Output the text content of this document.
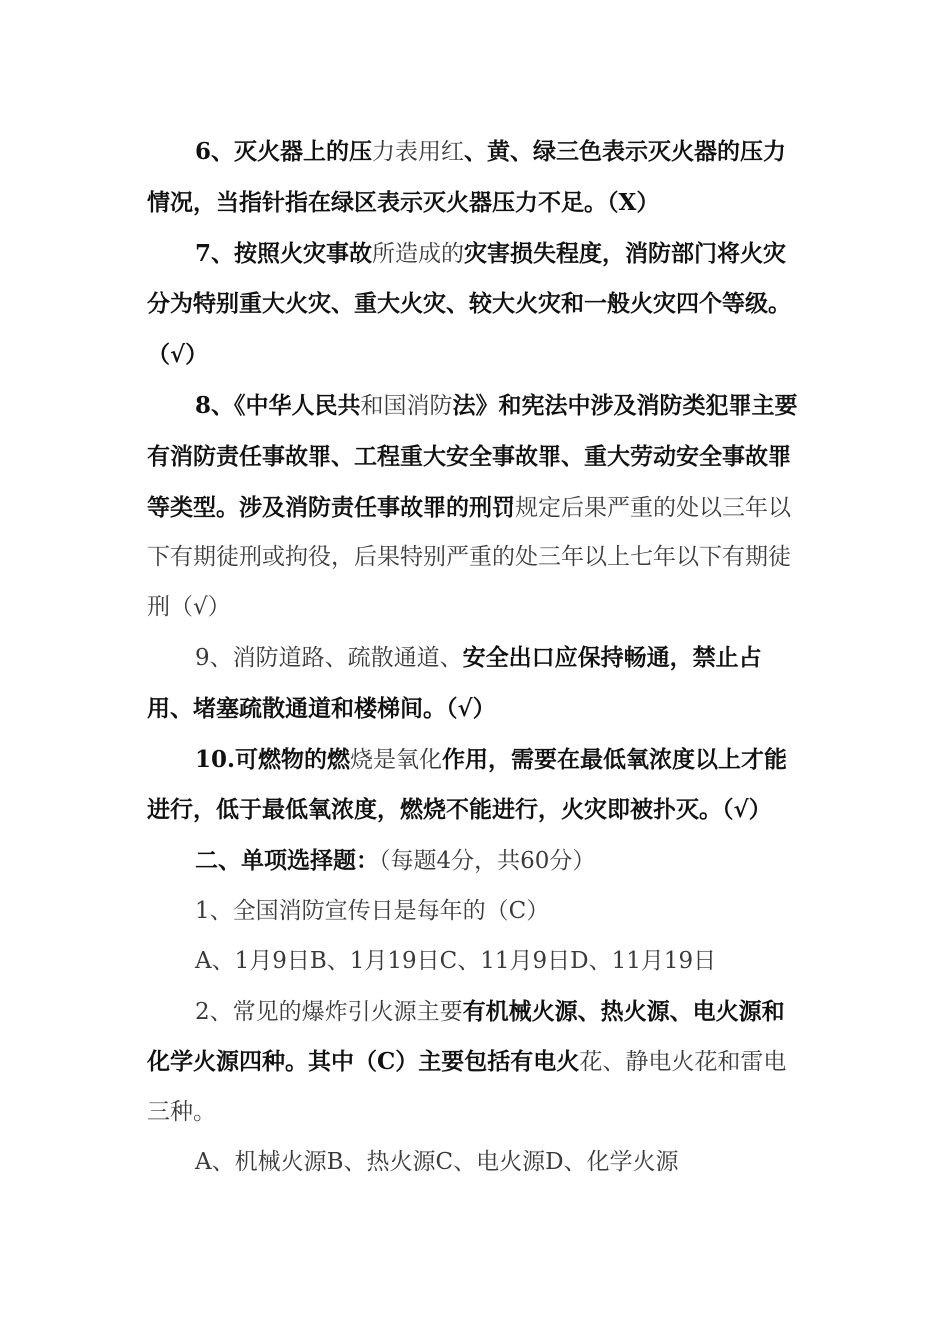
6、灭火器上的压力表用红、黄、绿三色表示灭火器的压力情况，当指针指在绿区表示灭火器压力不足。（X）

7、按照火灾事故所造成的灾害损失程度，消防部门将火灾分为特别重大火灾、重大火灾、较大火灾和一般火灾四个等级。（√）

8、《中华人民共和国消防法》和宪法中涉及消防类犯罪主要有消防责任事故罪、工程重大安全事故罪、重大劳动安全事故罪等类型。涉及消防责任事故罪的刑罚规定后果严重的处以三年以下有期徒刑或拘役，后果特别严重的处三年以上七年以下有期徒刑（√）

9、消防道路、疏散通道、安全出口应保持畅通，禁止占用、堵塞疏散通道和楼梯间。（√）

10.可燃物的燃烧是氧化作用，需要在最低氧浓度以上才能进行，低于最低氧浓度，燃烧不能进行，火灾即被扑灭。（√）

二、单项选择题：（每题4分，共60分）

1、全国消防宣传日是每年的（C）

A、1月9日B、1月19日C、11月9日D、11月19日

2、常见的爆炸引火源主要有机械火源、热火源、电火源和化学火源四种。其中（C）主要包括有电火花、静电火花和雷电三种。

A、机械火源B、热火源C、电火源D、化学火源
